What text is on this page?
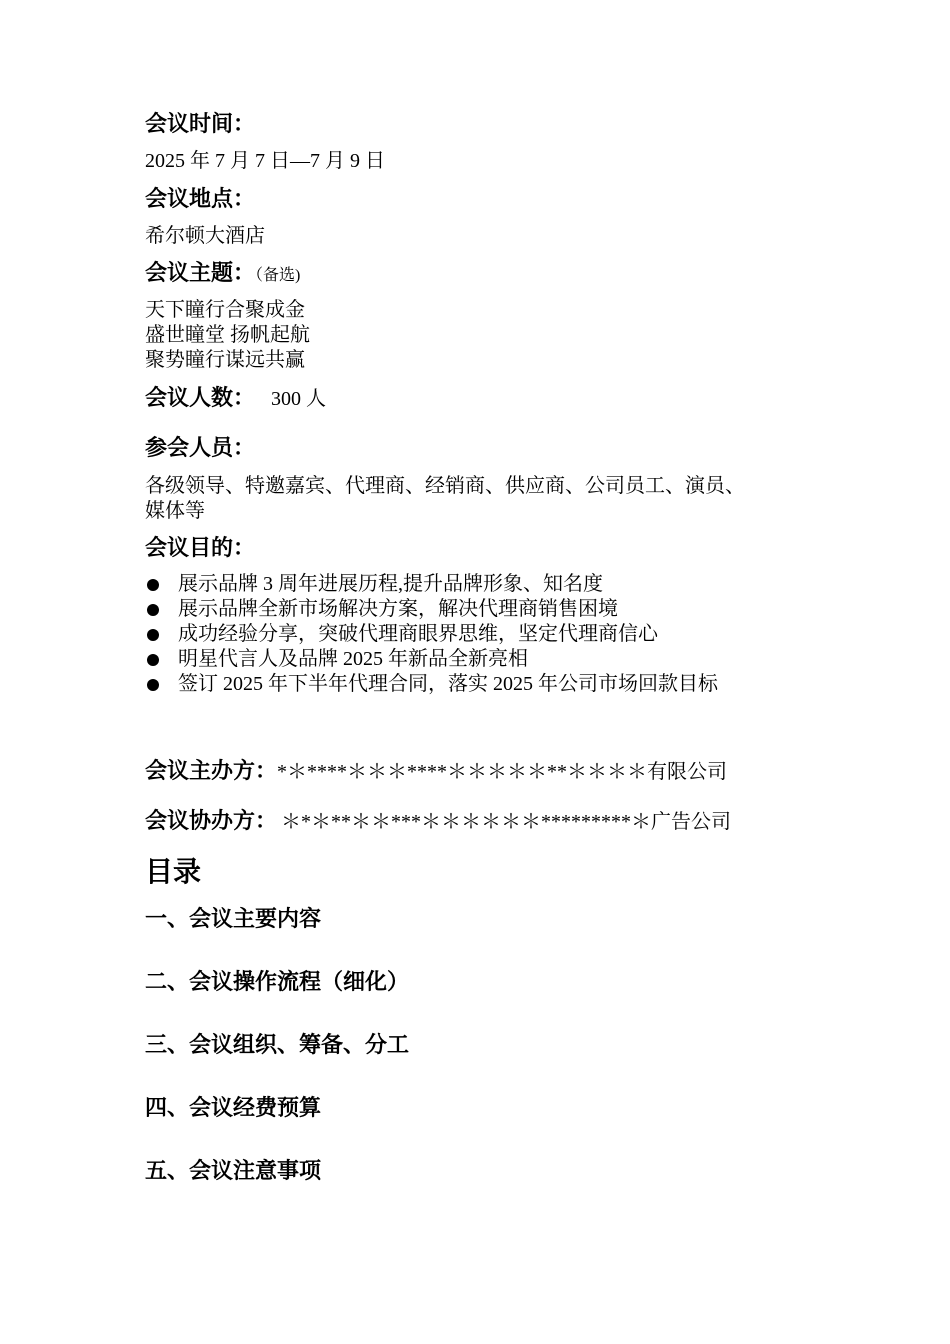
会议时间：
2025 年 7 月 7 日—7 月 9 日
会议地点：
希尔顿大酒店
会议主题：（备选)
天下瞳行合聚成金
盛世瞳堂 扬帆起航
聚势瞳行谋远共赢
会议人数： 300 人
参会人员：
各级领导、特邀嘉宾、代理商、经销商、供应商、公司员工、演员、
媒体等
会议目的：
展示品牌 3 周年进展历程,提升品牌形象、知名度
展示品牌全新市场解决方案，解决代理商销售困境
成功经验分享，突破代理商眼界思维，坚定代理商信心
明星代言人及品牌 2025 年新品全新亮相
签订 2025 年下半年代理合同，落实 2025 年公司市场回款目标
会议主办方：*＊****＊＊＊****＊＊＊＊＊**＊＊＊＊有限公司
会议协办方： ＊*＊**＊＊***＊＊＊＊＊＊*********＊广告公司
目录
一、会议主要内容
二、会议操作流程（细化）
三、会议组织、筹备、分工
四、会议经费预算
五、会议注意事项
